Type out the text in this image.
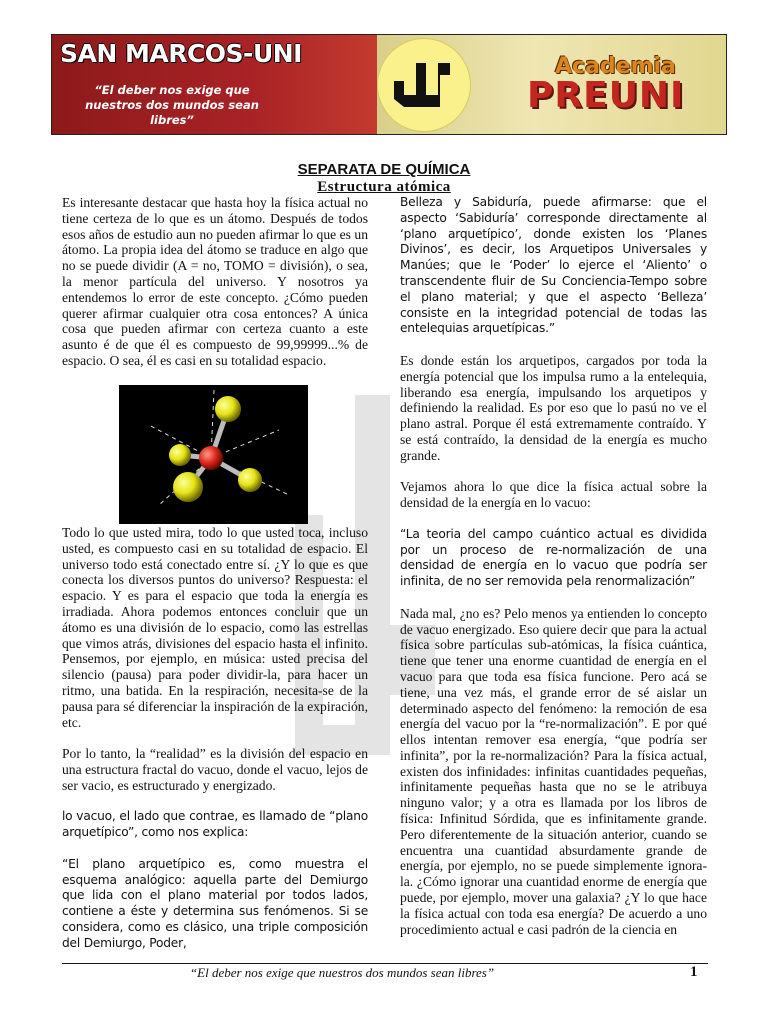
SAN MARCOS-UNI
“El deber nos exige que
nuestros dos mundos sean libres”
Academia
PREUNI
SEPARATA DE QUÍMICA
Estructura atómica

Es interesante destacar que hasta hoy la física actual no tiene certeza de lo que es un átomo. Después de todos esos años de estudio aun no pueden afirmar lo que es un átomo. La propia idea del átomo se traduce en algo que no se puede dividir (A = no, TOMO = división), o sea, la menor partícula del universo. Y nosotros ya entendemos lo error de este concepto. ¿Cómo pueden querer afirmar cualquier otra cosa entonces? A única cosa que pueden afirmar con certeza cuanto a este asunto é de que él es compuesto de 99,99999...% de espacio. O sea, él es casi en su totalidad espacio.

Todo lo que usted mira, todo lo que usted toca, incluso usted, es compuesto casi en su totalidad de espacio. El universo todo está conectado entre sí. ¿Y lo que es que conecta los diversos puntos do universo? Respuesta: el espacio. Y es para el espacio que toda la energía es irradiada. Ahora podemos entonces concluir que un átomo es una división de lo espacio, como las estrellas que vimos atrás, divisiones del espacio hasta el infinito. Pensemos, por ejemplo, en música: usted precisa del silencio (pausa) para poder dividir-la, para hacer un ritmo, una batida. En la respiración, necesita-se de la pausa para sé diferenciar la inspiración de la expiración, etc.

Por lo tanto, la “realidad” es la división del espacio en una estructura fractal do vacuo, donde el vacuo, lejos de ser vacio, es estructurado y energizado.

lo vacuo, el lado que contrae, es llamado de “plano arquetípico”, como nos explica:

“El plano arquetípico es, como muestra el esquema analógico: aquella parte del Demiurgo que lida con el plano material por todos lados, contiene a éste y determina sus fenómenos. Si se considera, como es clásico, una triple composición del Demiurgo, Poder,

Belleza y Sabiduría, puede afirmarse: que el aspecto ‘Sabiduría’ corresponde directamente al ‘plano arquetípico’, donde existen los ‘Planes Divinos’, es decir, los Arquetipos Universales y Manúes; que le ‘Poder’ lo ejerce el ‘Aliento’ o transcendente fluir de Su Conciencia-Tempo sobre el plano material; y que el aspecto ‘Belleza’ consiste en la integridad potencial de todas las entelequias arquetípicas.”

Es donde están los arquetipos, cargados por toda la energía potencial que los impulsa rumo a la entelequia, liberando esa energía, impulsando los arquetipos y definiendo la realidad. Es por eso que lo pasú no ve el plano astral. Porque él está extremamente contraído. Y se está contraído, la densidad de la energía es mucho grande.

Vejamos ahora lo que dice la física actual sobre la densidad de la energía en lo vacuo:

“La teoria del campo cuántico actual es dividida por un proceso de re-normalización de una densidad de energía en lo vacuo que podría ser infinita, de no ser removida pela renormalización”

Nada mal, ¿no es? Pelo menos ya entienden lo concepto de vacuo energizado. Eso quiere decir que para la actual física sobre partículas sub-atómicas, la física cuántica, tiene que tener una enorme cuantidad de energía en el vacuo para que toda esa física funcione. Pero acá se tiene, una vez más, el grande error de sé aislar un determinado aspecto del fenómeno: la remoción de esa energía del vacuo por la “re-normalización”. E por qué ellos intentan remover esa energía, “que podría ser infinita”, por la re-normalización? Para la física actual, existen dos infinidades: infinitas cuantidades pequeñas, infinitamente pequeñas hasta que no se le atribuya ninguno valor; y a otra es llamada por los libros de física: Infinitud Sórdida, que es infinitamente grande. Pero diferentemente de la situación anterior, cuando se encuentra una cuantidad absurdamente grande de energía, por ejemplo, no se puede simplemente ignora-la. ¿Cómo ignorar una cuantidad enorme de energía que puede, por ejemplo, mover una galaxia? ¿Y lo que hace la física actual con toda esa energía? De acuerdo a uno procedimiento actual e casi padrón de la ciencia en

“El deber nos exige que nuestros dos mundos sean libres”	1
